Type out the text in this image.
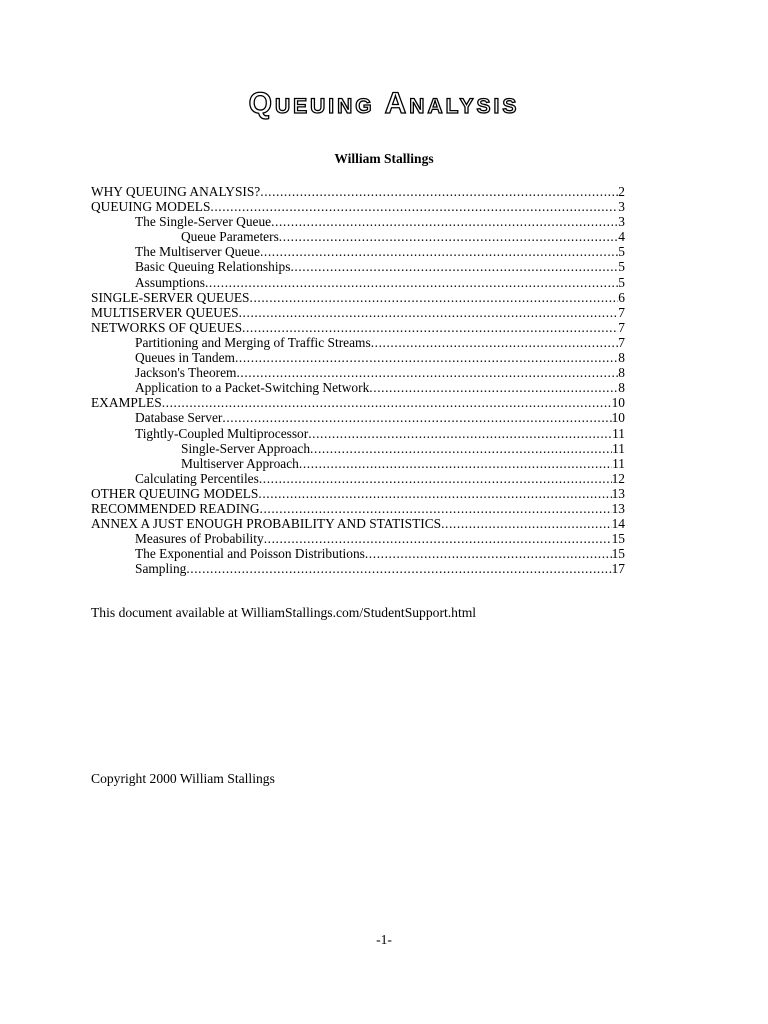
QUEUING ANALYSIS
William Stallings
WHY QUEUING ANALYSIS? .....	2
QUEUING MODELS .....	3
The Single-Server Queue .....	3
Queue Parameters .....	4
The Multiserver Queue .....	5
Basic Queuing Relationships .....	5
Assumptions .....	5
SINGLE-SERVER QUEUES .....	6
MULTISERVER QUEUES .....	7
NETWORKS OF QUEUES .....	7
Partitioning and Merging of Traffic Streams .....	7
Queues in Tandem .....	8
Jackson's Theorem .....	8
Application to a Packet-Switching Network .....	8
EXAMPLES .....	10
Database Server .....	10
Tightly-Coupled Multiprocessor .....	11
Single-Server Approach .....	11
Multiserver Approach .....	11
Calculating Percentiles .....	12
OTHER QUEUING MODELS .....	13
RECOMMENDED READING .....	13
ANNEX A JUST ENOUGH PROBABILITY AND STATISTICS .....	14
Measures of Probability .....	15
The Exponential and Poisson Distributions .....	15
Sampling .....	17
This document available at WilliamStallings.com/StudentSupport.html
Copyright 2000 William Stallings
-1-
